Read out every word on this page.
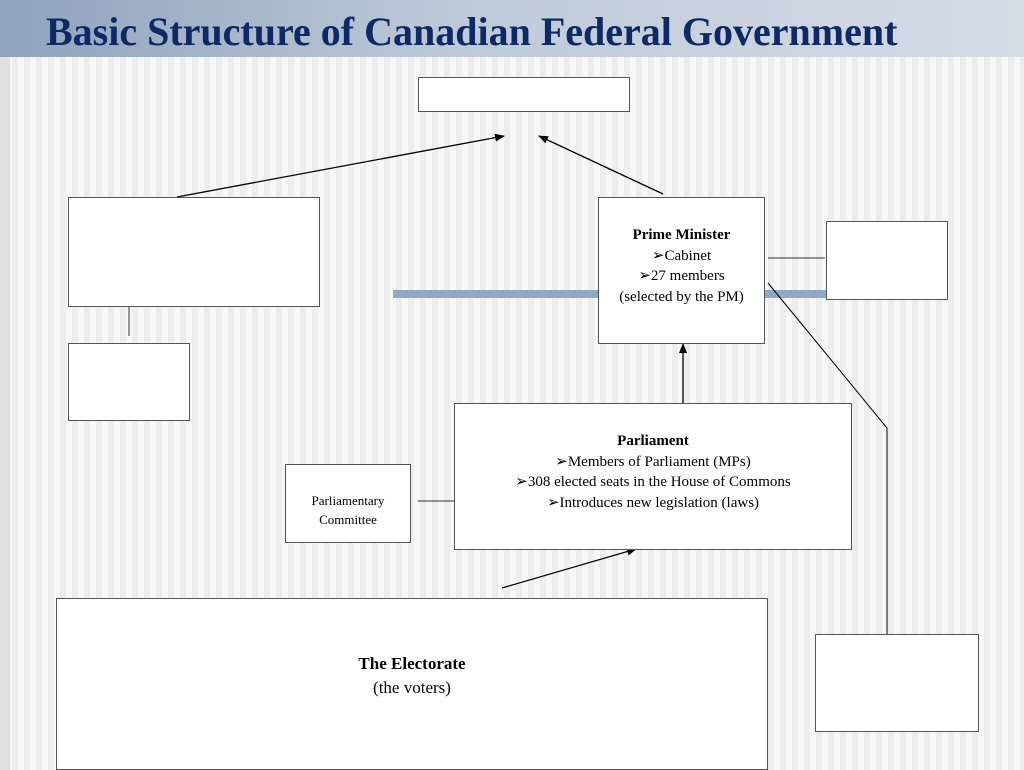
Basic Structure of Canadian Federal Government
Prime Minister
➢Cabinet
➢27 members
(selected by the PM)
Parliament
➢Members of Parliament (MPs)
➢308 elected seats in the House of Commons
➢Introduces new legislation (laws)
Parliamentary
Committee
The Electorate
(the voters)
